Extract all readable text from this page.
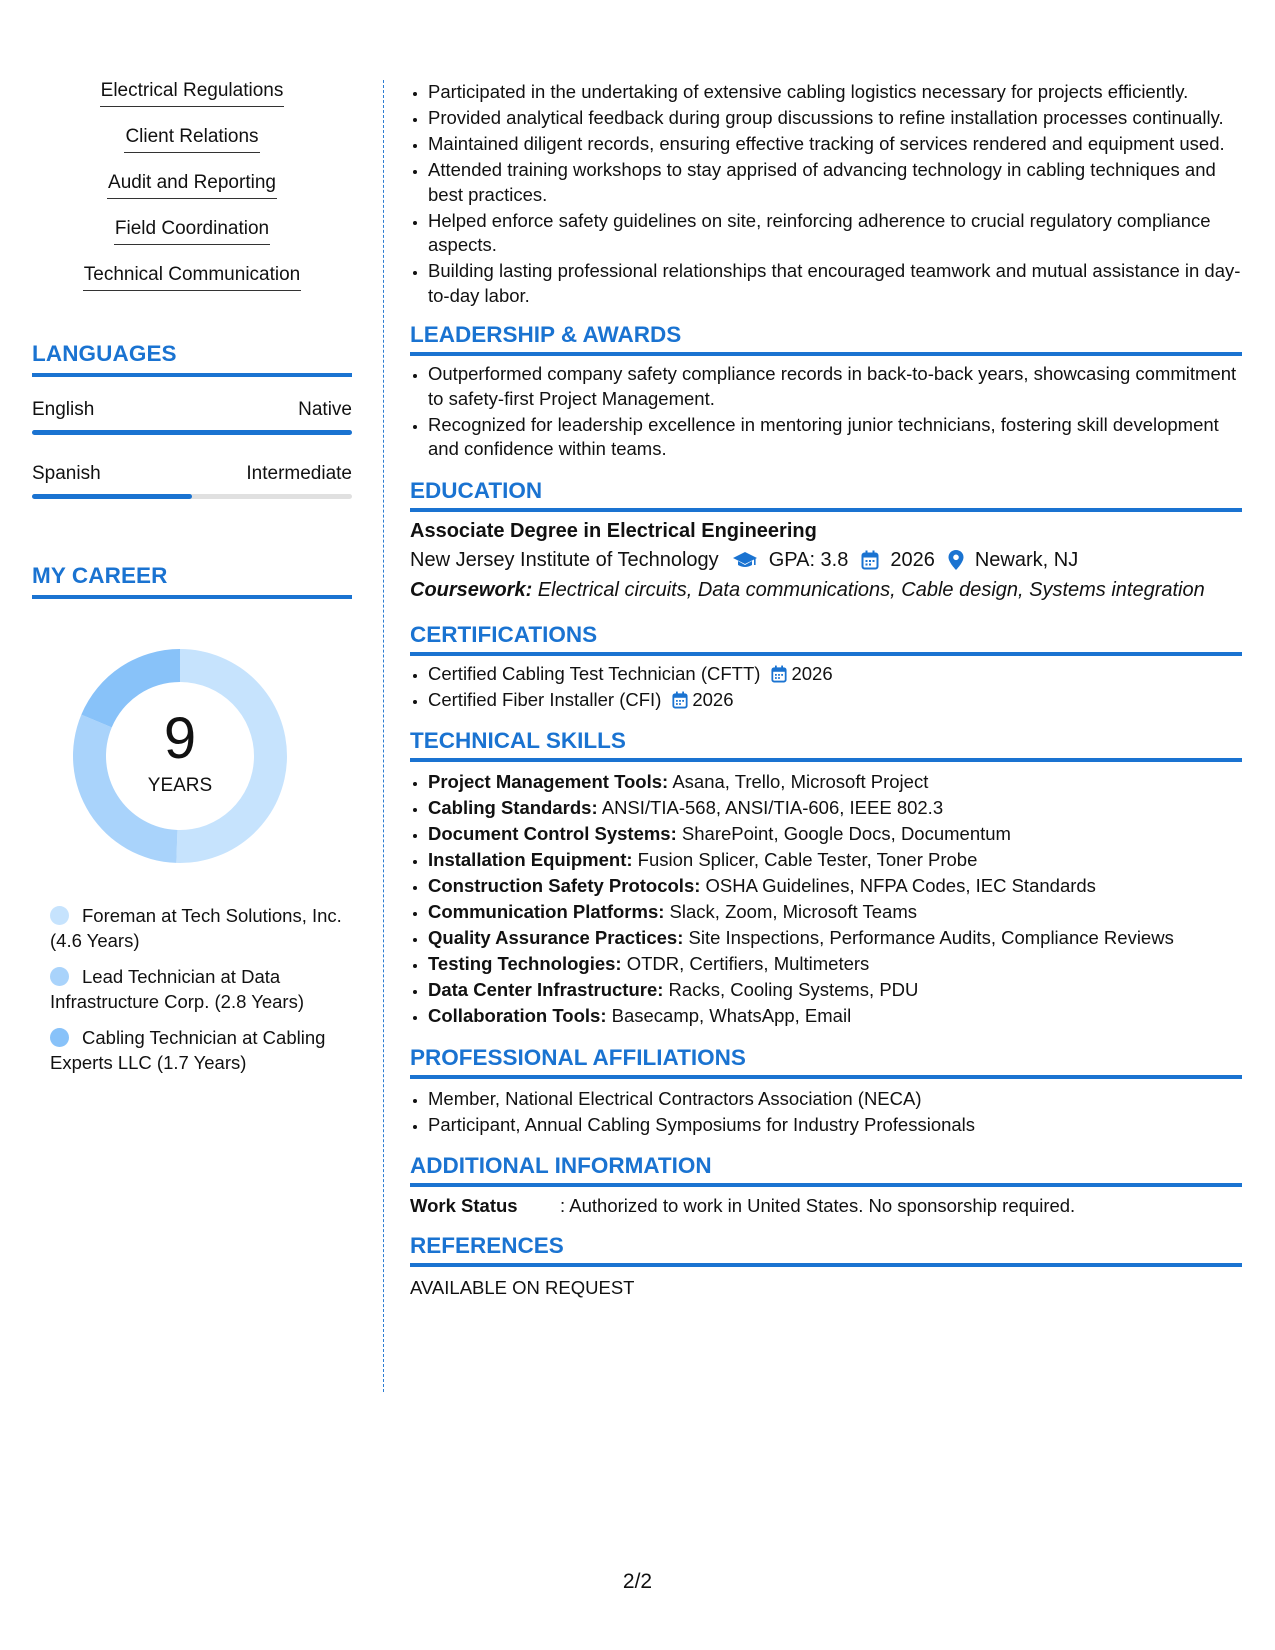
Electrical Regulations
Client Relations
Audit and Reporting
Field Coordination
Technical Communication
LANGUAGES
English	Native
Spanish	Intermediate
MY CAREER
9
YEARS
Foreman at Tech Solutions, Inc. (4.6 Years)
Lead Technician at Data Infrastructure Corp. (2.8 Years)
Cabling Technician at Cabling Experts LLC (1.7 Years)
• Participated in the undertaking of extensive cabling logistics necessary for projects efficiently.
• Provided analytical feedback during group discussions to refine installation processes continually.
• Maintained diligent records, ensuring effective tracking of services rendered and equipment used.
• Attended training workshops to stay apprised of advancing technology in cabling techniques and best practices.
• Helped enforce safety guidelines on site, reinforcing adherence to crucial regulatory compliance aspects.
• Building lasting professional relationships that encouraged teamwork and mutual assistance in day-to-day labor.
LEADERSHIP & AWARDS
• Outperformed company safety compliance records in back-to-back years, showcasing commitment to safety-first Project Management.
• Recognized for leadership excellence in mentoring junior technicians, fostering skill development and confidence within teams.
EDUCATION
Associate Degree in Electrical Engineering
New Jersey Institute of Technology	GPA: 3.8 2026 Newark, NJ
Coursework: Electrical circuits, Data communications, Cable design, Systems integration
CERTIFICATIONS
• Certified Cabling Test Technician (CFTT) 2026
• Certified Fiber Installer (CFI) 2026
TECHNICAL SKILLS
• Project Management Tools: Asana, Trello, Microsoft Project
• Cabling Standards: ANSI/TIA-568, ANSI/TIA-606, IEEE 802.3
• Document Control Systems: SharePoint, Google Docs, Documentum
• Installation Equipment: Fusion Splicer, Cable Tester, Toner Probe
• Construction Safety Protocols: OSHA Guidelines, NFPA Codes, IEC Standards
• Communication Platforms: Slack, Zoom, Microsoft Teams
• Quality Assurance Practices: Site Inspections, Performance Audits, Compliance Reviews
• Testing Technologies: OTDR, Certifiers, Multimeters
• Data Center Infrastructure: Racks, Cooling Systems, PDU
• Collaboration Tools: Basecamp, WhatsApp, Email
PROFESSIONAL AFFILIATIONS
• Member, National Electrical Contractors Association (NECA)
• Participant, Annual Cabling Symposiums for Industry Professionals
ADDITIONAL INFORMATION
Work Status	: Authorized to work in United States. No sponsorship required.
REFERENCES
AVAILABLE ON REQUEST
2/2
